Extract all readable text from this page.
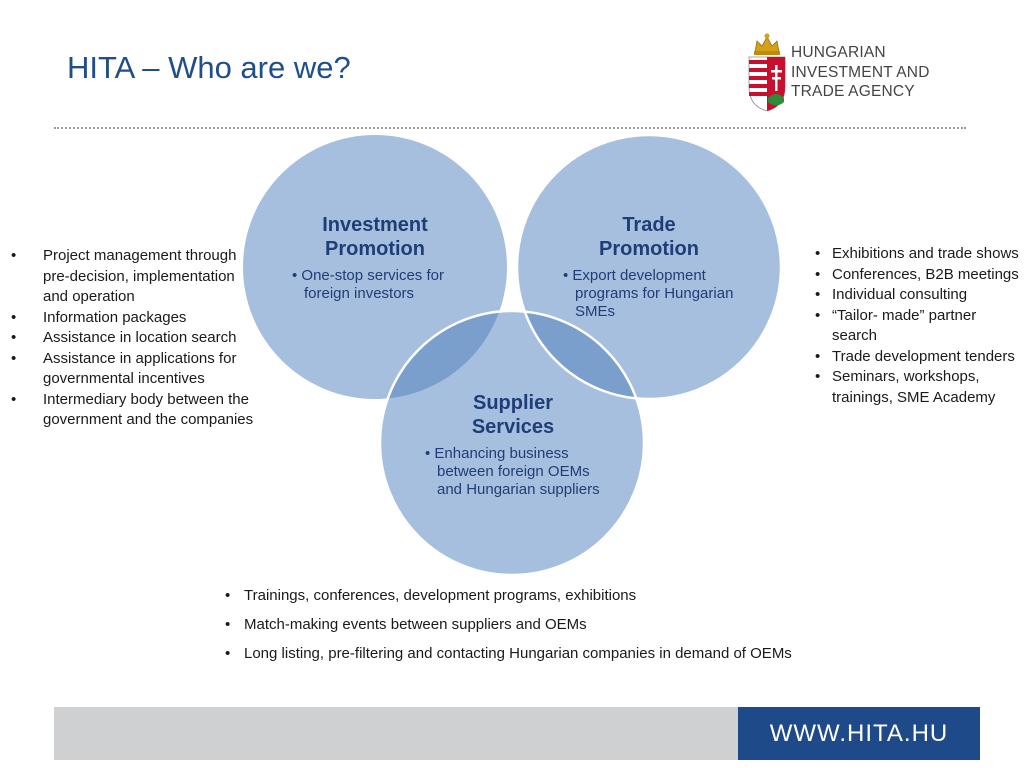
HITA – Who are we?	HUNGARIAN
INVESTMENT AND
TRADE AGENCY
Investment
Promotion
• One-stop services for foreign investors
Trade
Promotion
• Export development programs for Hungarian SMEs
Supplier
Services
• Enhancing business between foreign OEMs and Hungarian suppliers
• Project management through pre-decision, implementation and operation
• Information packages
• Assistance in location search
• Assistance in applications for governmental incentives
• Intermediary body between the government and the companies
• Exhibitions and trade shows
• Conferences, B2B meetings
• Individual consulting
• “Tailor- made” partner search
• Trade development tenders
• Seminars, workshops, trainings, SME Academy
• Trainings, conferences, development programs, exhibitions
• Match-making events between suppliers and OEMs
• Long listing, pre-filtering and contacting Hungarian companies in demand of OEMs
WWW.HITA.HU
